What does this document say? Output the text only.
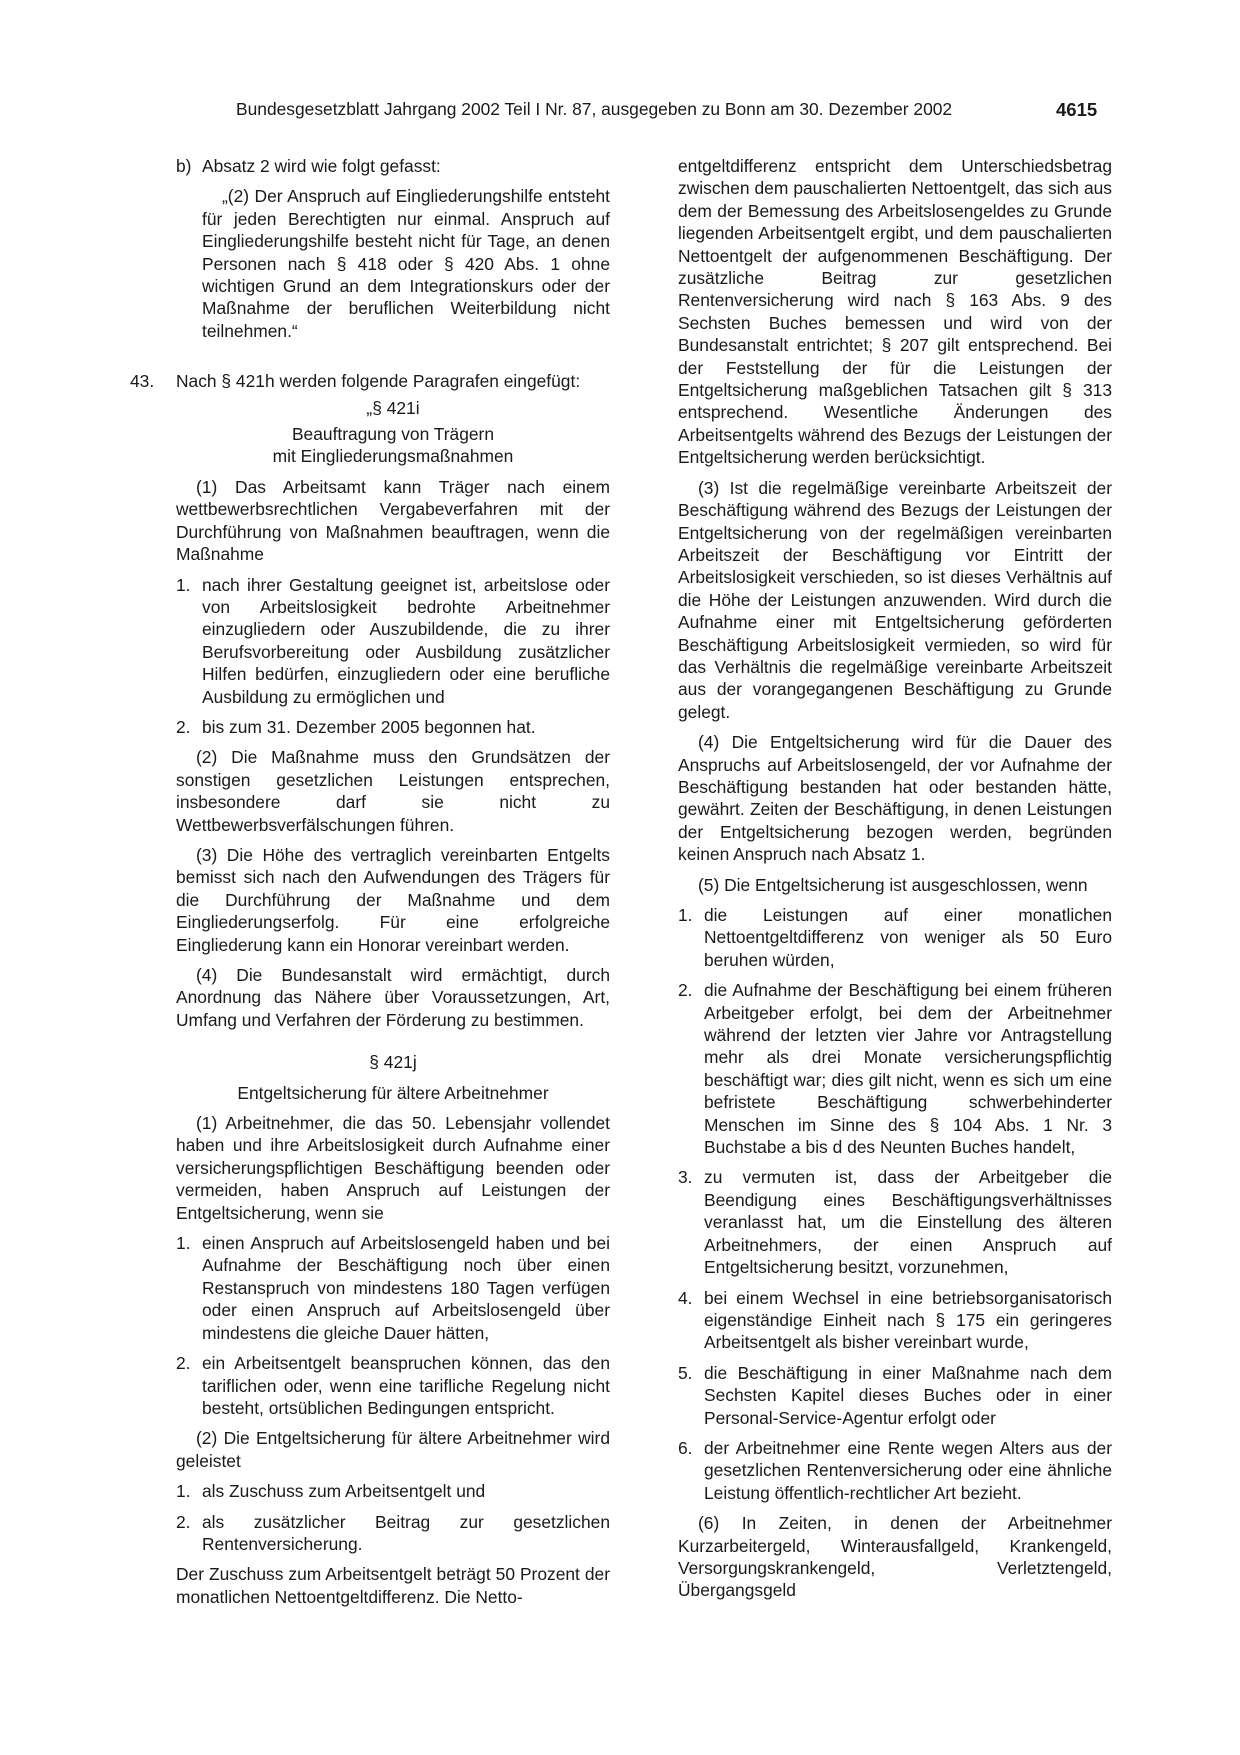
Bundesgesetzblatt Jahrgang 2002 Teil I Nr. 87, ausgegeben zu Bonn am 30. Dezember 2002	4615
b) Absatz 2 wird wie folgt gefasst:

„(2) Der Anspruch auf Eingliederungshilfe entsteht für jeden Berechtigten nur einmal. Anspruch auf Eingliederungshilfe besteht nicht für Tage, an denen Personen nach § 418 oder § 420 Abs. 1 ohne wichtigen Grund an dem Integrationskurs oder der Maßnahme der beruflichen Weiterbildung nicht teilnehmen.“

43. Nach § 421h werden folgende Paragrafen eingefügt:

„§ 421i

Beauftragung von Trägern

mit Eingliederungsmaßnahmen

(1) Das Arbeitsamt kann Träger nach einem wettbewerbsrechtlichen Vergabeverfahren mit der Durchführung von Maßnahmen beauftragen, wenn die Maßnahme

1. nach ihrer Gestaltung geeignet ist, arbeitslose oder von Arbeitslosigkeit bedrohte Arbeitnehmer einzugliedern oder Auszubildende, die zu ihrer Berufsvorbereitung oder Ausbildung zusätzlicher Hilfen bedürfen, einzugliedern oder eine berufliche Ausbildung zu ermöglichen und

2. bis zum 31. Dezember 2005 begonnen hat.

(2) Die Maßnahme muss den Grundsätzen der sonstigen gesetzlichen Leistungen entsprechen, insbesondere darf sie nicht zu Wettbewerbsverfälschungen führen.

(3) Die Höhe des vertraglich vereinbarten Entgelts bemisst sich nach den Aufwendungen des Trägers für die Durchführung der Maßnahme und dem Eingliederungserfolg. Für eine erfolgreiche Eingliederung kann ein Honorar vereinbart werden.

(4) Die Bundesanstalt wird ermächtigt, durch Anordnung das Nähere über Voraussetzungen, Art, Umfang und Verfahren der Förderung zu bestimmen.

§ 421j

Entgeltsicherung für ältere Arbeitnehmer

(1) Arbeitnehmer, die das 50. Lebensjahr vollendet haben und ihre Arbeitslosigkeit durch Aufnahme einer versicherungspflichtigen Beschäftigung beenden oder vermeiden, haben Anspruch auf Leistungen der Entgeltsicherung, wenn sie

1. einen Anspruch auf Arbeitslosengeld haben und bei Aufnahme der Beschäftigung noch über einen Restanspruch von mindestens 180 Tagen verfügen oder einen Anspruch auf Arbeitslosengeld über mindestens die gleiche Dauer hätten,

2. ein Arbeitsentgelt beanspruchen können, das den tariflichen oder, wenn eine tarifliche Regelung nicht besteht, ortsüblichen Bedingungen entspricht.

(2) Die Entgeltsicherung für ältere Arbeitnehmer wird geleistet

1. als Zuschuss zum Arbeitsentgelt und

2. als zusätzlicher Beitrag zur gesetzlichen Rentenversicherung.

Der Zuschuss zum Arbeitsentgelt beträgt 50 Prozent der monatlichen Nettoentgeltdifferenz. Die Netto-

entgeltdifferenz entspricht dem Unterschiedsbetrag zwischen dem pauschalierten Nettoentgelt, das sich aus dem der Bemessung des Arbeitslosengeldes zu Grunde liegenden Arbeitsentgelt ergibt, und dem pauschalierten Nettoentgelt der aufgenommenen Beschäftigung. Der zusätzliche Beitrag zur gesetzlichen Rentenversicherung wird nach § 163 Abs. 9 des Sechsten Buches bemessen und wird von der Bundesanstalt entrichtet; § 207 gilt entsprechend. Bei der Feststellung der für die Leistungen der Entgeltsicherung maßgeblichen Tatsachen gilt § 313 entsprechend. Wesentliche Änderungen des Arbeitsentgelts während des Bezugs der Leistungen der Entgeltsicherung werden berücksichtigt.

(3) Ist die regelmäßige vereinbarte Arbeitszeit der Beschäftigung während des Bezugs der Leistungen der Entgeltsicherung von der regelmäßigen vereinbarten Arbeitszeit der Beschäftigung vor Eintritt der Arbeitslosigkeit verschieden, so ist dieses Verhältnis auf die Höhe der Leistungen anzuwenden. Wird durch die Aufnahme einer mit Entgeltsicherung geförderten Beschäftigung Arbeitslosigkeit vermieden, so wird für das Verhältnis die regelmäßige vereinbarte Arbeitszeit aus der vorangegangenen Beschäftigung zu Grunde gelegt.

(4) Die Entgeltsicherung wird für die Dauer des Anspruchs auf Arbeitslosengeld, der vor Aufnahme der Beschäftigung bestanden hat oder bestanden hätte, gewährt. Zeiten der Beschäftigung, in denen Leistungen der Entgeltsicherung bezogen werden, begründen keinen Anspruch nach Absatz 1.

(5) Die Entgeltsicherung ist ausgeschlossen, wenn

1. die Leistungen auf einer monatlichen Nettoentgeltdifferenz von weniger als 50 Euro beruhen würden,

2. die Aufnahme der Beschäftigung bei einem früheren Arbeitgeber erfolgt, bei dem der Arbeitnehmer während der letzten vier Jahre vor Antragstellung mehr als drei Monate versicherungspflichtig beschäftigt war; dies gilt nicht, wenn es sich um eine befristete Beschäftigung schwerbehinderter Menschen im Sinne des § 104 Abs. 1 Nr. 3 Buchstabe a bis d des Neunten Buches handelt,

3. zu vermuten ist, dass der Arbeitgeber die Beendigung eines Beschäftigungsverhältnisses veranlasst hat, um die Einstellung des älteren Arbeitnehmers, der einen Anspruch auf Entgeltsicherung besitzt, vorzunehmen,

4. bei einem Wechsel in eine betriebsorganisatorisch eigenständige Einheit nach § 175 ein geringeres Arbeitsentgelt als bisher vereinbart wurde,

5. die Beschäftigung in einer Maßnahme nach dem Sechsten Kapitel dieses Buches oder in einer Personal-Service-Agentur erfolgt oder

6. der Arbeitnehmer eine Rente wegen Alters aus der gesetzlichen Rentenversicherung oder eine ähnliche Leistung öffentlich-rechtlicher Art bezieht.

(6) In Zeiten, in denen der Arbeitnehmer Kurzarbeitergeld, Winterausfallgeld, Krankengeld, Versorgungskrankengeld, Verletztengeld, Übergangsgeld
